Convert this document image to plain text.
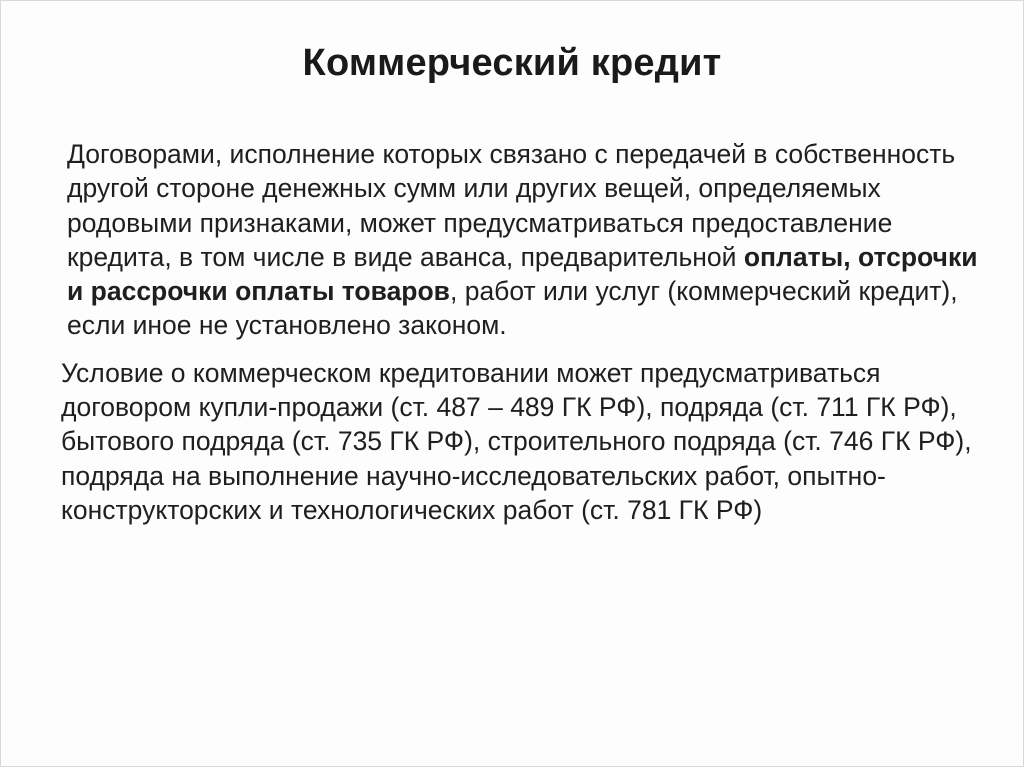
Коммерческий кредит

Договорами, исполнение которых связано с передачей в собственность другой стороне денежных сумм или других вещей, определяемых родовыми признаками, может предусматриваться предоставление кредита, в том числе в виде аванса, предварительной оплаты, отсрочки и рассрочки оплаты товаров, работ или услуг (коммерческий кредит), если иное не установлено законом.

Условие о коммерческом кредитовании может предусматриваться договором купли-продажи (ст. 487 – 489 ГК РФ), подряда (ст. 711 ГК РФ), бытового подряда (ст. 735 ГК РФ), строительного подряда (ст. 746 ГК РФ), подряда на выполнение научно-исследовательских работ, опытно-конструкторских и технологических работ (ст. 781 ГК РФ)
